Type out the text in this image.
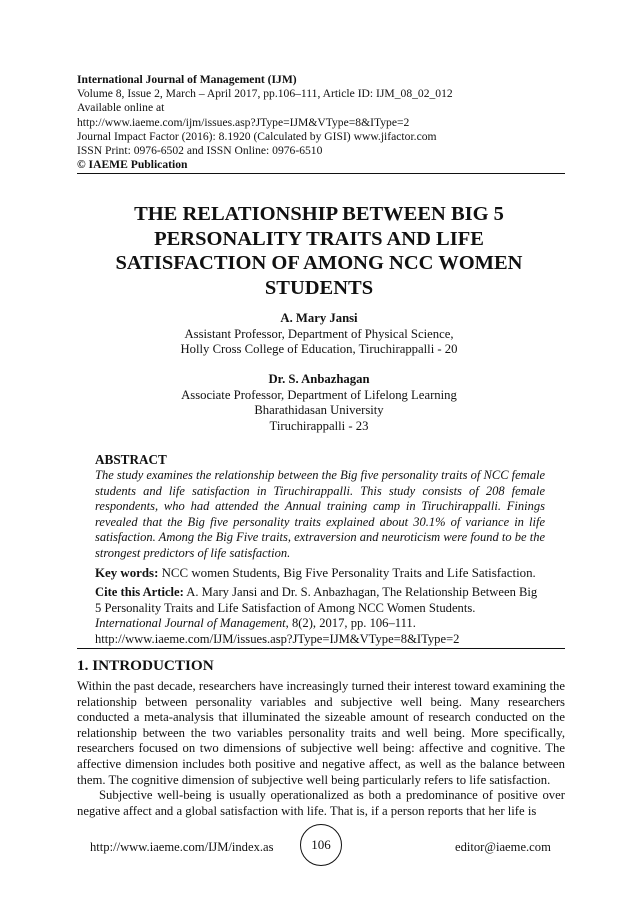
International Journal of Management (IJM)
Volume 8, Issue 2, March – April 2017, pp.106–111, Article ID: IJM_08_02_012
Available online at
http://www.iaeme.com/ijm/issues.asp?JType=IJM&VType=8&IType=2
Journal Impact Factor (2016): 8.1920 (Calculated by GISI) www.jifactor.com
ISSN Print: 0976-6502 and ISSN Online: 0976-6510
© IAEME Publication
THE RELATIONSHIP BETWEEN BIG 5
PERSONALITY TRAITS AND LIFE
SATISFACTION OF AMONG NCC WOMEN
STUDENTS
A. Mary Jansi
Assistant Professor, Department of Physical Science,
Holly Cross College of Education, Tiruchirappalli - 20
Dr. S. Anbazhagan
Associate Professor, Department of Lifelong Learning
Bharathidasan University
Tiruchirappalli - 23
ABSTRACT
The study examines the relationship between the Big five personality traits of NCC female students and life satisfaction in Tiruchirappalli. This study consists of 208 female respondents, who had attended the Annual training camp in Tiruchirappalli. Finings revealed that the Big five personality traits explained about 30.1% of variance in life satisfaction. Among the Big Five traits, extraversion and neuroticism were found to be the strongest predictors of life satisfaction.
Key words: NCC women Students, Big Five Personality Traits and Life Satisfaction.
Cite this Article: A. Mary Jansi and Dr. S. Anbazhagan, The Relationship Between Big 5 Personality Traits and Life Satisfaction of Among NCC Women Students. International Journal of Management, 8(2), 2017, pp. 106–111.
http://www.iaeme.com/IJM/issues.asp?JType=IJM&VType=8&IType=2
1. INTRODUCTION

Within the past decade, researchers have increasingly turned their interest toward examining the relationship between personality variables and subjective well being. Many researchers conducted a meta-analysis that illuminated the sizeable amount of research conducted on the relationship between the two variables personality traits and well being. More specifically, researchers focused on two dimensions of subjective well being: affective and cognitive. The affective dimension includes both positive and negative affect, as well as the balance between them. The cognitive dimension of subjective well being particularly refers to life satisfaction.

Subjective well-being is usually operationalized as both a predominance of positive over negative affect and a global satisfaction with life. That is, if a person reports that her life is

http://www.iaeme.com/IJM/index.as	106	editor@iaeme.com
